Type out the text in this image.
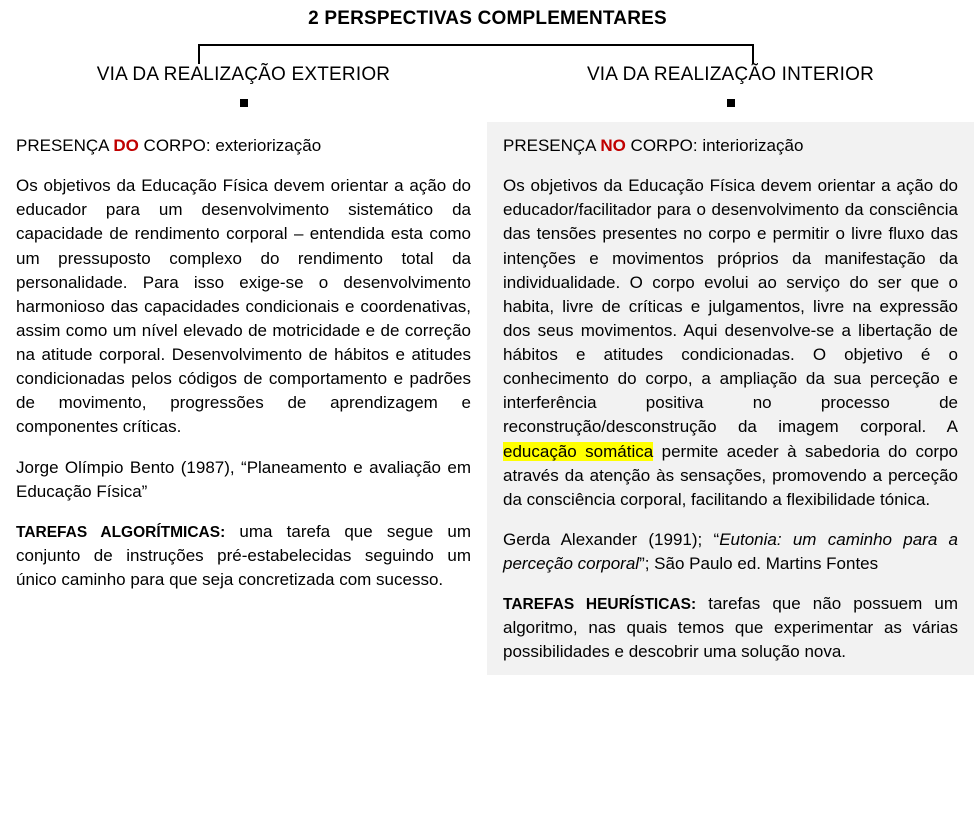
2 PERSPECTIVAS COMPLEMENTARES
VIA DA REALIZAÇÃO EXTERIOR	VIA DA REALIZAÇÃO INTERIOR

PRESENÇA DO CORPO: exteriorização

Os objetivos da Educação Física devem orientar a ação do educador para um desenvolvimento sistemático da capacidade de rendimento corporal – entendida esta como um pressuposto complexo do rendimento total da personalidade. Para isso exige-se o desenvolvimento harmonioso das capacidades condicionais e coordenativas, assim como um nível elevado de motricidade e de correção na atitude corporal. Desenvolvimento de hábitos e atitudes condicionadas pelos códigos de comportamento e padrões de movimento, progressões de aprendizagem e componentes críticas.

Jorge Olímpio Bento (1987), “Planeamento e avaliação em Educação Física”

TAREFAS ALGORÍTMICAS: uma tarefa que segue um conjunto de instruções pré-estabelecidas seguindo um único caminho para que seja concretizada com sucesso.

PRESENÇA NO CORPO: interiorização

Os objetivos da Educação Física devem orientar a ação do educador/facilitador para o desenvolvimento da consciência das tensões presentes no corpo e permitir o livre fluxo das intenções e movimentos próprios da manifestação da individualidade. O corpo evolui ao serviço do ser que o habita, livre de críticas e julgamentos, livre na expressão dos seus movimentos. Aqui desenvolve-se a libertação de hábitos e atitudes condicionadas. O objetivo é o conhecimento do corpo, a ampliação da sua perceção e interferência positiva no processo de reconstrução/desconstrução da imagem corporal. A educação somática permite aceder à sabedoria do corpo através da atenção às sensações, promovendo a perceção da consciência corporal, facilitando a flexibilidade tónica.

Gerda Alexander (1991); “Eutonia: um caminho para a perceção corporal”; São Paulo ed. Martins Fontes

TAREFAS HEURÍSTICAS: tarefas que não possuem um algoritmo, nas quais temos que experimentar as várias possibilidades e descobrir uma solução nova.
